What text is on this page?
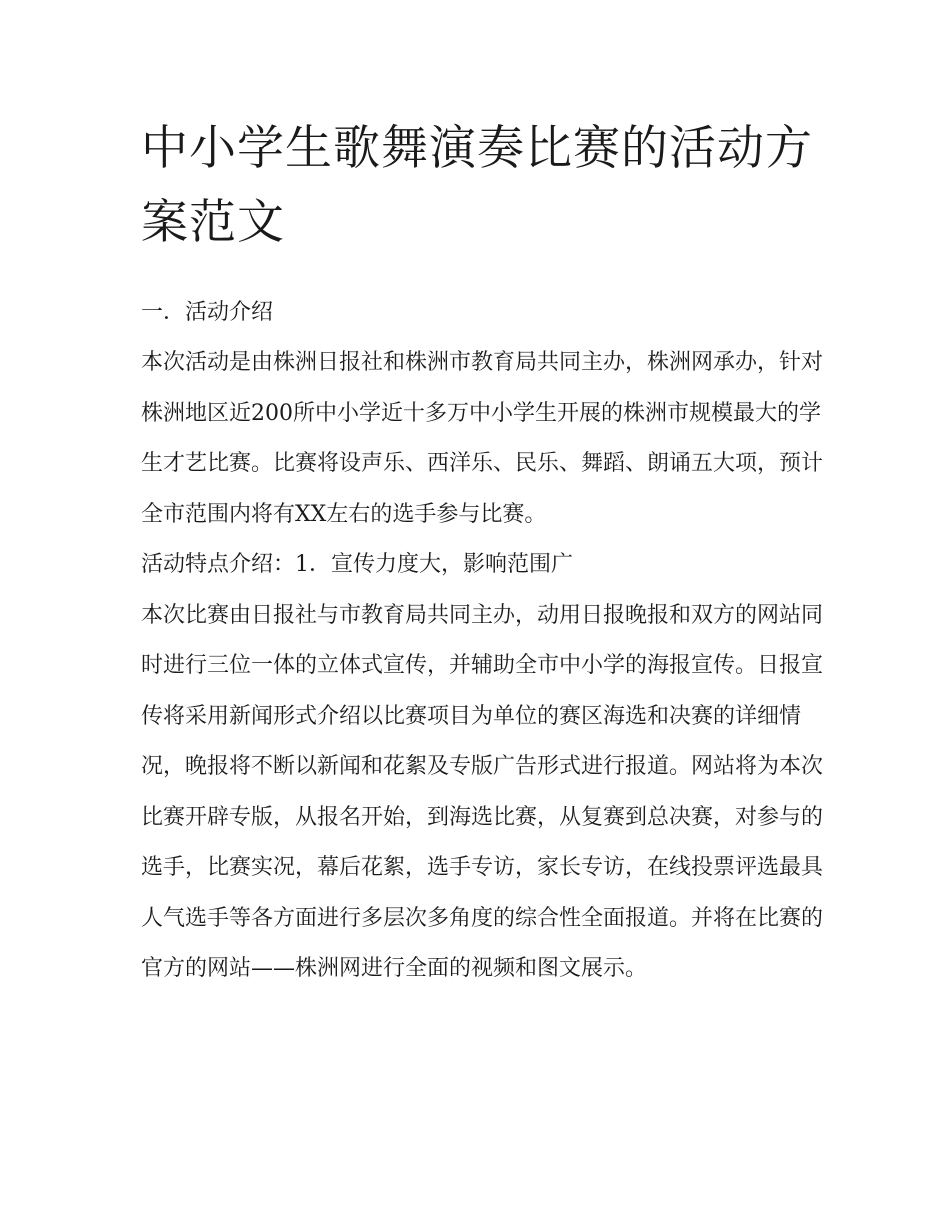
中小学生歌舞演奏比赛的活动方案范文
一．活动介绍

本次活动是由株洲日报社和株洲市教育局共同主办，株洲网承办，针对株洲地区近200所中小学近十多万中小学生开展的株洲市规模最大的学生才艺比赛。比赛将设声乐、西洋乐、民乐、舞蹈、朗诵五大项，预计全市范围内将有XX左右的选手参与比赛。

活动特点介绍：1．宣传力度大，影响范围广

本次比赛由日报社与市教育局共同主办，动用日报晚报和双方的网站同时进行三位一体的立体式宣传，并辅助全市中小学的海报宣传。日报宣传将采用新闻形式介绍以比赛项目为单位的赛区海选和决赛的详细情况，晚报将不断以新闻和花絮及专版广告形式进行报道。网站将为本次比赛开辟专版，从报名开始，到海选比赛，从复赛到总决赛，对参与的选手，比赛实况，幕后花絮，选手专访，家长专访，在线投票评选最具人气选手等各方面进行多层次多角度的综合性全面报道。并将在比赛的官方的网站——株洲网进行全面的视频和图文展示。
